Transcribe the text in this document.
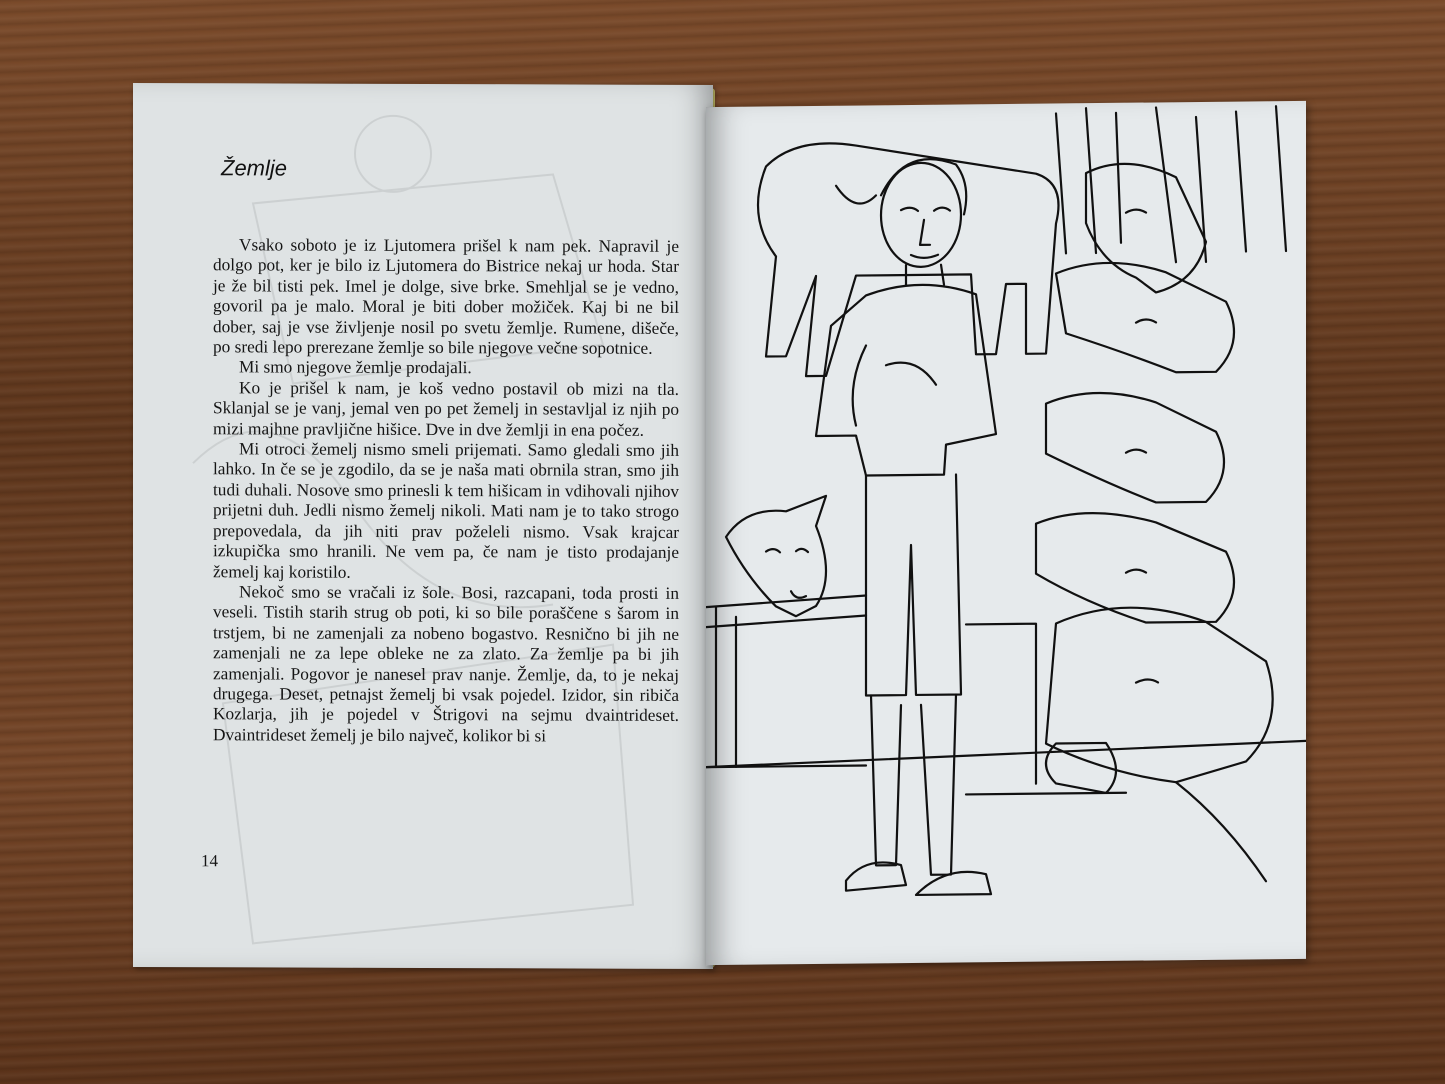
Žemlje

Vsako soboto je iz Ljutomera prišel k nam pek. Napravil je dolgo pot, ker je bilo iz Ljutomera do Bistrice nekaj ur hoda. Star je že bil tisti pek. Imel je dolge, sive brke. Smehljal se je vedno, govoril pa je malo. Moral je biti dober možiček. Kaj bi ne bil dober, saj je vse življenje nosil po svetu žemlje. Rumene, dišeče, po sredi lepo prerezane žemlje so bile njegove večne sopotnice.

Mi smo njegove žemlje prodajali.

Ko je prišel k nam, je koš vedno postavil ob mizi na tla. Sklanjal se je vanj, jemal ven po pet žemelj in sestavljal iz njih po mizi majhne pravljične hišice. Dve in dve žemlji in ena počez.

Mi otroci žemelj nismo smeli prijemati. Samo gledali smo jih lahko. In če se je zgodilo, da se je naša mati obrnila stran, smo jih tudi duhali. Nosove smo prinesli k tem hišicam in vdihovali njihov prijetni duh. Jedli nismo žemelj nikoli. Mati nam je to tako strogo prepovedala, da jih niti prav poželeli nismo. Vsak krajcar izkupička smo hranili. Ne vem pa, če nam je tisto prodajanje žemelj kaj koristilo.

Nekoč smo se vračali iz šole. Bosi, razcapani, toda prosti in veseli. Tistih starih strug ob poti, ki so bile poraščene s šarom in trstjem, bi ne zamenjali za nobeno bogastvo. Resnično bi jih ne zamenjali ne za lepe obleke ne za zlato. Za žemlje pa bi jih zamenjali. Pogovor je nanesel prav nanje. Žemlje, da, to je nekaj drugega. Deset, petnajst žemelj bi vsak pojedel. Izidor, sin ribiča Kozlarja, jih je pojedel v Štrigovi na sejmu dvaintrideset. Dvaintrideset žemelj je bilo največ, kolikor bi si

14
